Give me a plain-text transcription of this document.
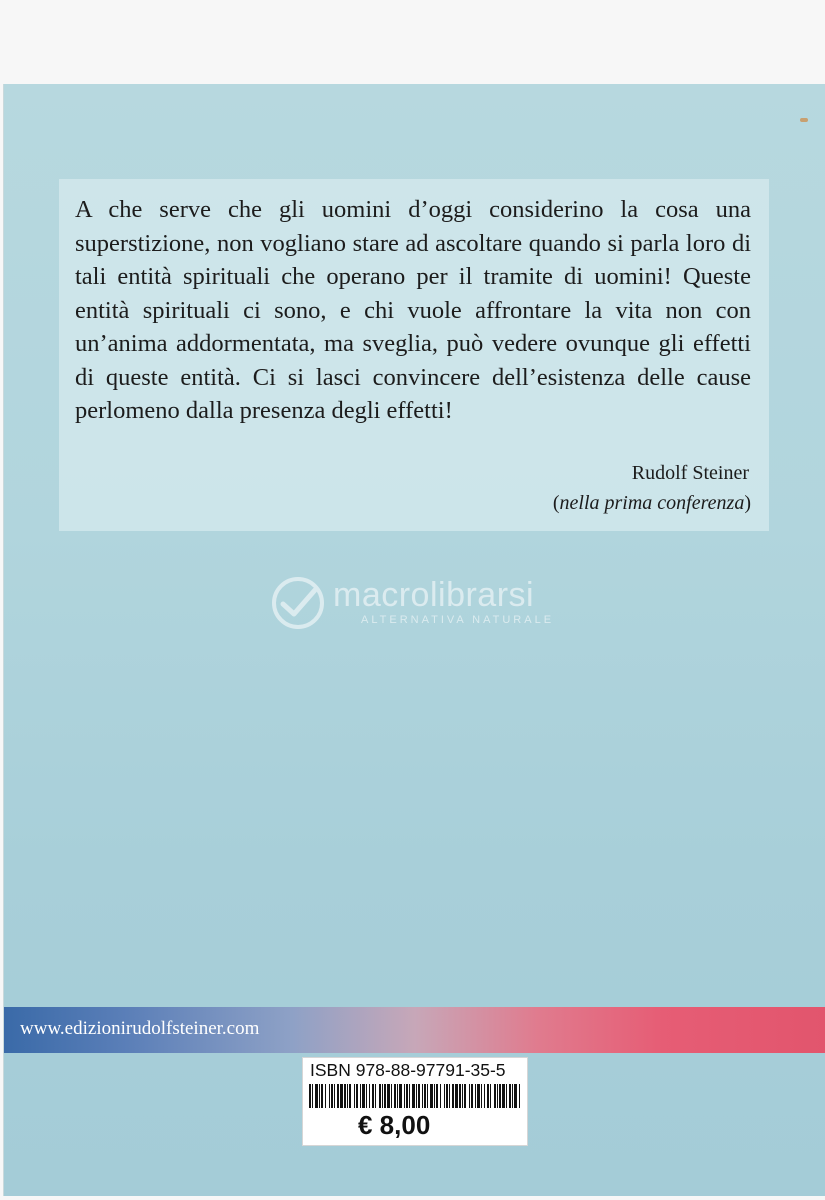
A che serve che gli uomini d’oggi considerino la cosa una superstizione, non vogliano stare ad ascoltare quando si parla loro di tali entità spirituali che operano per il tramite di uomini! Queste entità spirituali ci sono, e chi vuole affrontare la vita non con un’anima addormentata, ma sveglia, può vedere ovunque gli effetti di queste entità. Ci si lasci convincere dell’esistenza delle cause perlomeno dalla presenza degli effetti!
Rudolf Steiner
(nella prima conferenza)
macrolibrarsi
ALTERNATIVA NATURALE
www.edizionirudolfsteiner.com
ISBN 978-88-97791-35-5
€ 8,00
